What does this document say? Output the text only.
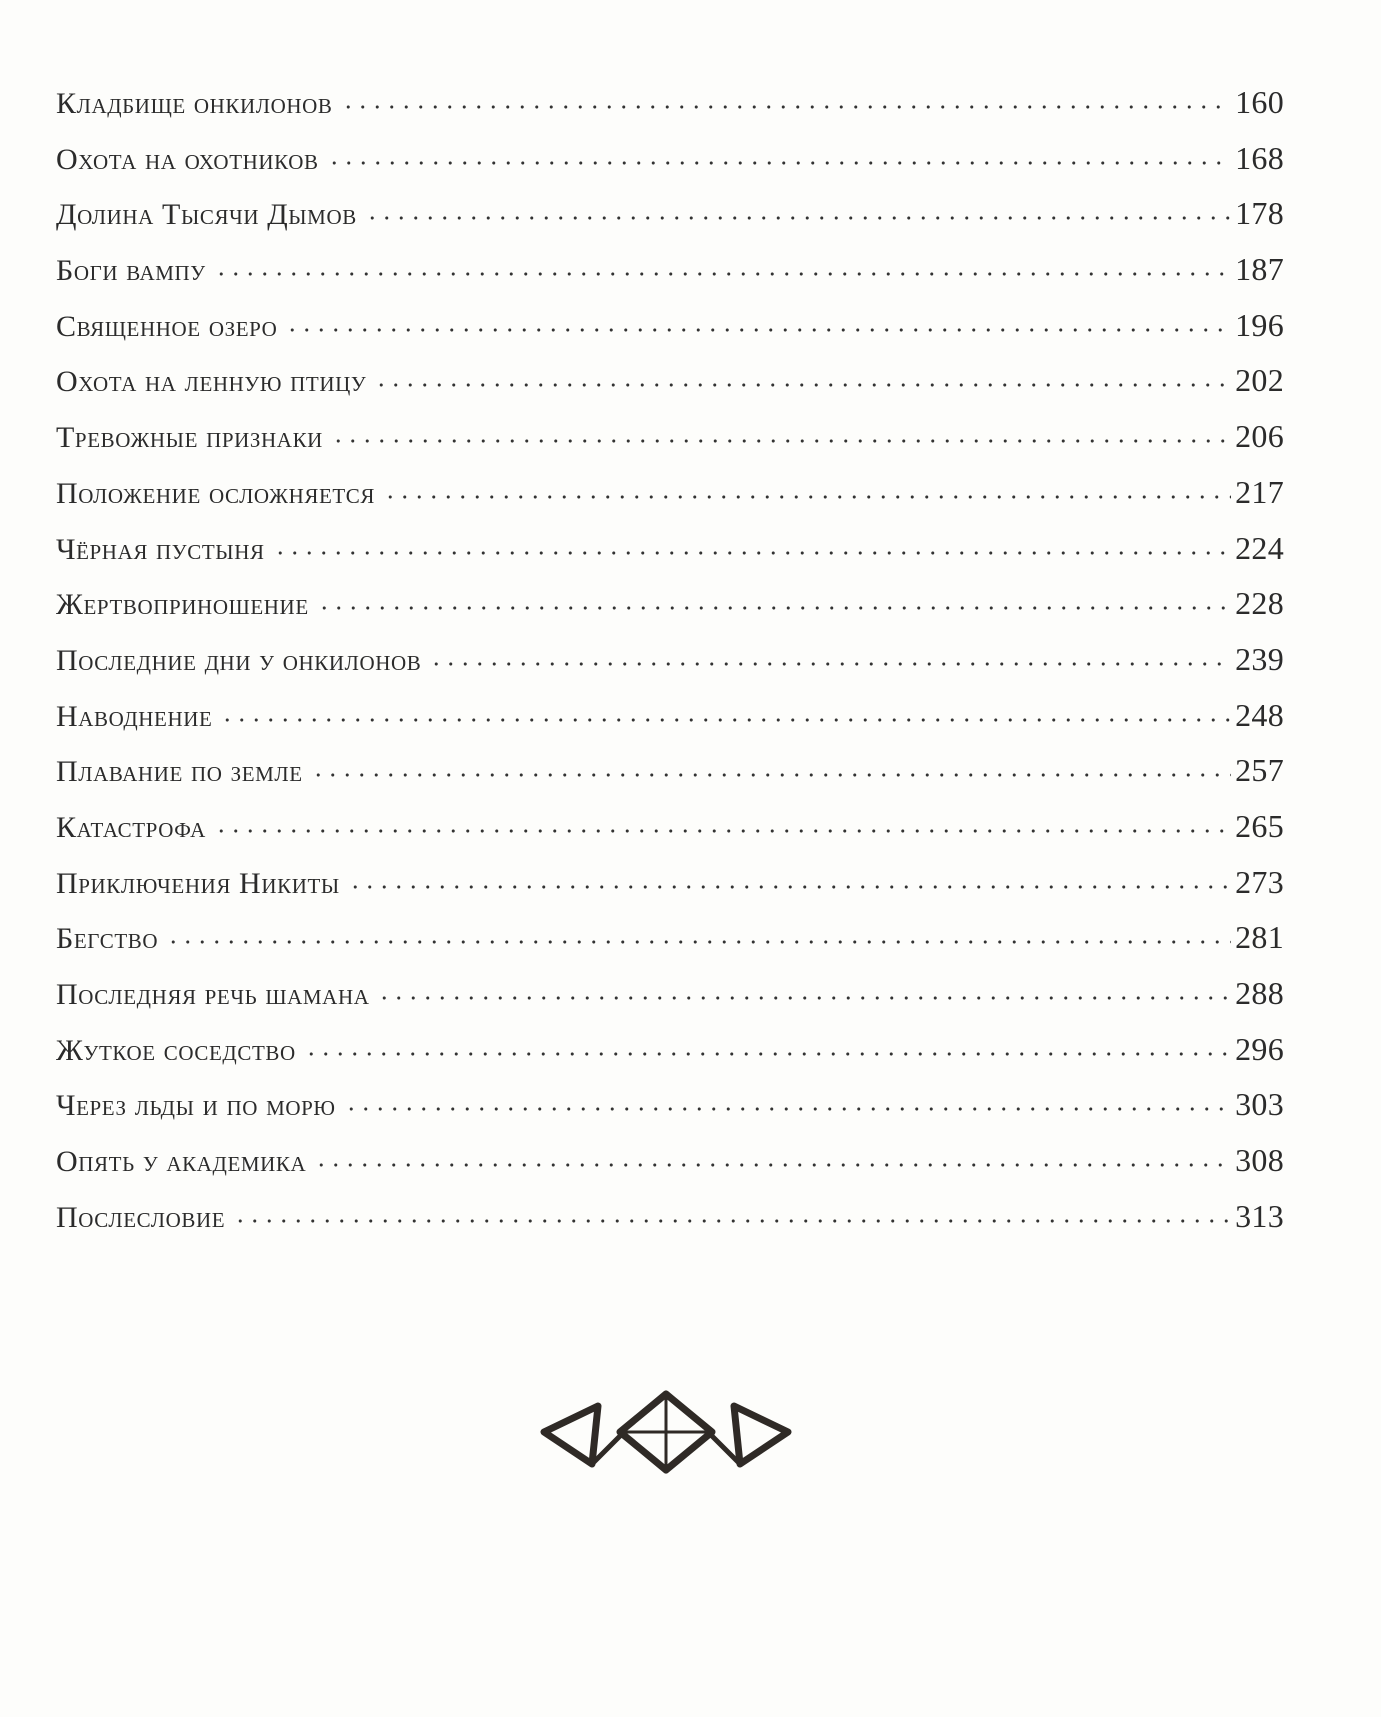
Кладбище онкилонов	160
Охота на охотников	168
Долина Тысячи Дымов	178
Боги вампу	187
Священное озеро	196
Охота на ленную птицу	202
Тревожные признаки	206
Положение осложняется	217
Чёрная пустыня	224
Жертвоприношение	228
Последние дни у онкилонов	239
Наводнение	248
Плавание по земле	257
Катастрофа	265
Приключения Никиты	273
Бегство	281
Последняя речь шамана	288
Жуткое соседство	296
Через льды и по морю	303
Опять у академика	308
Послесловие	313
